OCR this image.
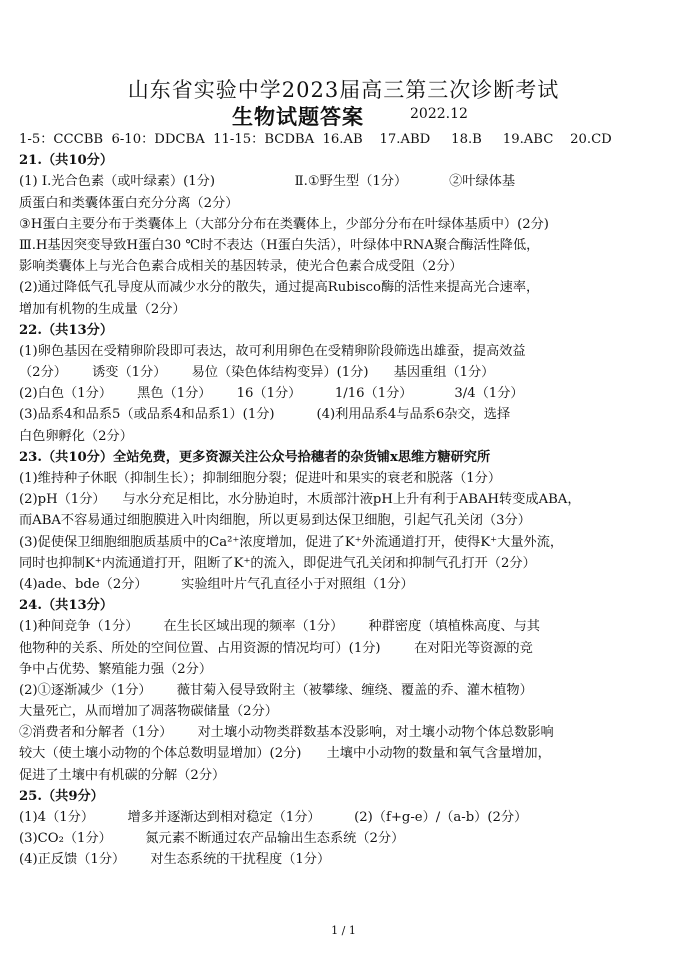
山东省实验中学2023届高三第三次诊断考试
生物试题答案	2022.12
1-5：CCCBB  6-10：DDCBA  11-15：BCDBA  16.AB    17.ABD     18.B     19.ABC    20.CD
21.（共10分）
(1) Ⅰ.光合色素（或叶绿素）(1分)                   Ⅱ.①野生型（1分）          ②叶绿体基
质蛋白和类囊体蛋白充分分离（2分）
③H蛋白主要分布于类囊体上（大部分分布在类囊体上，少部分分布在叶绿体基质中）(2分)
Ⅲ.H基因突变导致H蛋白30 ℃时不表达（H蛋白失活），叶绿体中RNA聚合酶活性降低，
影响类囊体上与光合色素合成相关的基因转录，使光合色素合成受阻（2分）
(2)通过降低气孔导度从而减少水分的散失，通过提高Rubisco酶的活性来提高光合速率，
增加有机物的生成量（2分）
22.（共13分）
(1)卵色基因在受精卵阶段即可表达，故可利用卵色在受精卵阶段筛选出雄蚕，提高效益
（2分）      诱变（1分）      易位（染色体结构变异）(1分)      基因重组（1分）
(2)白色（1分）      黑色（1分）      16（1分）        1/16（1分）          3/4（1分）
(3)品系4和品系5（或品系4和品系1）(1分)          (4)利用品系4与品系6杂交，选择
白色卵孵化（2分）
23.（共10分）全站免费，更多资源关注公众号拾穗者的杂货铺x思维方糖研究所
(1)维持种子休眠（抑制生长）；抑制细胞分裂；促进叶和果实的衰老和脱落（1分）
(2)pH（1分）    与水分充足相比，水分胁迫时，木质部汁液pH上升有利于ABAH转变成ABA，
而ABA不容易通过细胞膜进入叶肉细胞，所以更易到达保卫细胞，引起气孔关闭（3分）
(3)促使保卫细胞细胞质基质中的Ca²⁺浓度增加，促进了K⁺外流通道打开，使得K⁺大量外流，
同时也抑制K⁺内流通道打开，阻断了K⁺的流入，即促进气孔关闭和抑制气孔打开（2分）
(4)ade、bde（2分）        实验组叶片气孔直径小于对照组（1分）
24.（共13分）
(1)种间竞争（1分）      在生长区域出现的频率（1分）      种群密度（填植株高度、与其
他物种的关系、所处的空间位置、占用资源的情况均可）(1分)        在对阳光等资源的竞
争中占优势、繁殖能力强（2分）
(2)①逐渐减少（1分）      薇甘菊入侵导致附主（被攀缘、缠绕、覆盖的乔、灌木植物）
大量死亡，从而增加了凋落物碳储量（2分）
②消费者和分解者（1分）      对土壤小动物类群数基本没影响，对土壤小动物个体总数影响
较大（使土壤小动物的个体总数明显增加）(2分)      土壤中小动物的数量和氧气含量增加，
促进了土壤中有机碳的分解（2分）
25.（共9分）
(1)4（1分）        增多并逐渐达到相对稳定（1分）        (2)（f+g-e）/（a-b）(2分）
(3)CO₂（1分）        氮元素不断通过农产品输出生态系统（2分）
(4)正反馈（1分）      对生态系统的干扰程度（1分）
1 / 1
